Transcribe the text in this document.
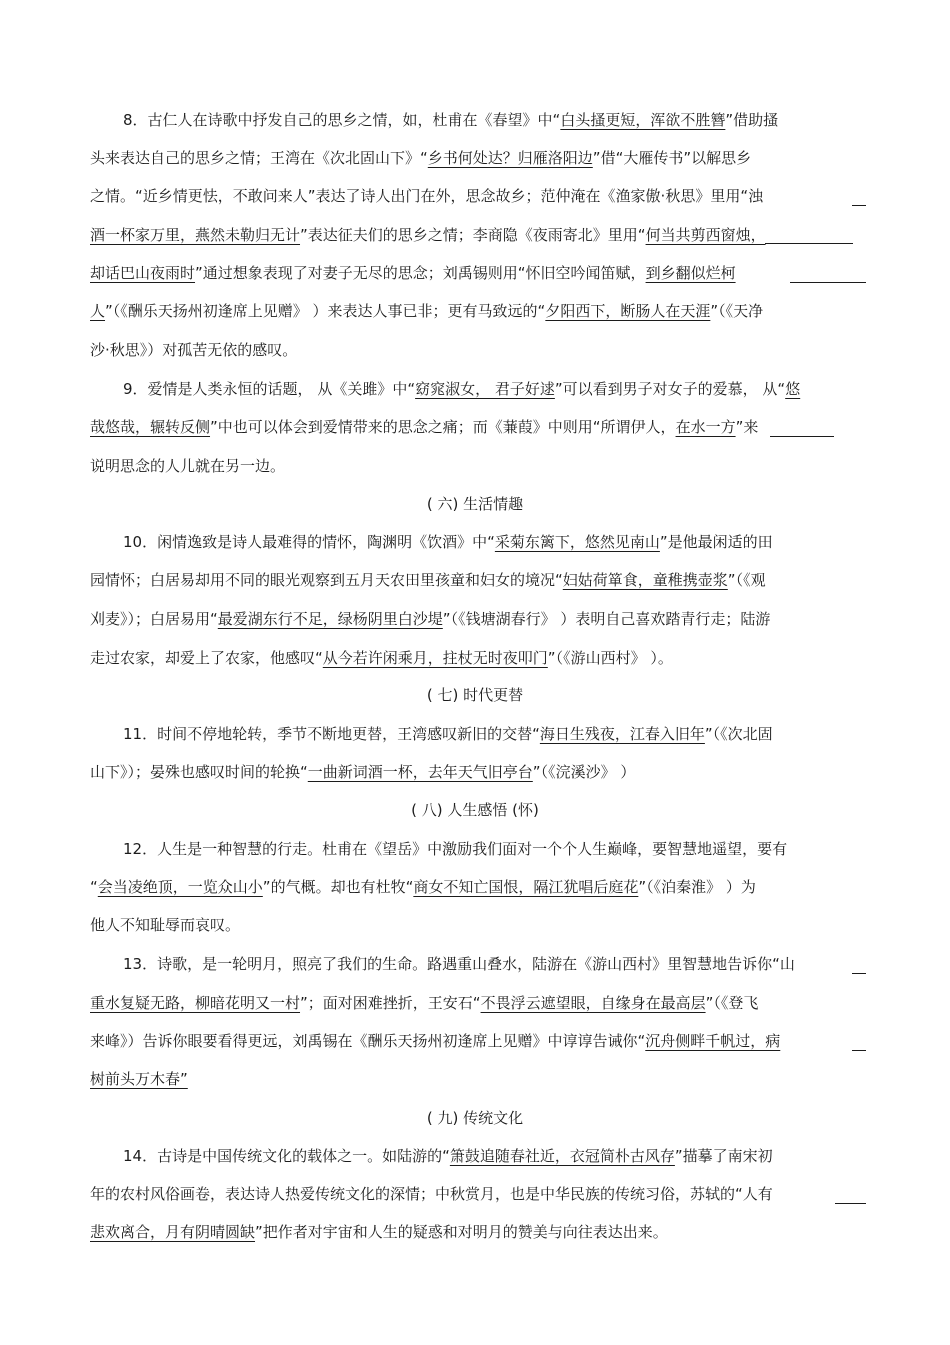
8．古仁人在诗歌中抒发自己的思乡之情，如，杜甫在《春望》中“白头搔更短，浑欲不胜簪”借助搔
头来表达自己的思乡之情；王湾在《次北固山下》“乡书何处达？归雁洛阳边”借“大雁传书”以解思乡
之情。“近乡情更怯，不敢问来人”表达了诗人出门在外，思念故乡；范仲淹在《渔家傲·秋思》里用“浊
酒一杯家万里，燕然未勒归无计”表达征夫们的思乡之情；李商隐《夜雨寄北》里用“何当共剪西窗烛，
却话巴山夜雨时”通过想象表现了对妻子无尽的思念；刘禹锡则用“怀旧空吟闻笛赋，到乡翻似烂柯
人”（《酬乐天扬州初逢席上见赠》 ）来表达人事已非；更有马致远的“夕阳西下，断肠人在天涯”（《天净
沙·秋思》）对孤苦无依的感叹。
9．爱情是人类永恒的话题， 从《关雎》中“窈窕淑女， 君子好逑”可以看到男子对女子的爱慕， 从“悠
哉悠哉，辗转反侧”中也可以体会到爱情带来的思念之痛；而《蒹葭》中则用“所谓伊人，在水一方”来
说明思念的人儿就在另一边。
( 六) 生活情趣
10．闲情逸致是诗人最难得的情怀，陶渊明《饮酒》中“采菊东篱下，悠然见南山”是他最闲适的田
园情怀；白居易却用不同的眼光观察到五月天农田里孩童和妇女的境况“妇姑荷箪食，童稚携壶浆”（《观
刈麦》）；白居易用“最爱湖东行不足，绿杨阴里白沙堤”（《钱塘湖春行》 ）表明自己喜欢踏青行走；陆游
走过农家，却爱上了农家，他感叹“从今若许闲乘月，拄杖无时夜叩门”（《游山西村》 ）。
( 七) 时代更替
11．时间不停地轮转，季节不断地更替，王湾感叹新旧的交替“海日生残夜，江春入旧年”（《次北固
山下》）；晏殊也感叹时间的轮换“一曲新词酒一杯，去年天气旧亭台”（《浣溪沙》 ）
( 八) 人生感悟 (怀)
12．人生是一种智慧的行走。杜甫在《望岳》中激励我们面对一个个人生巅峰，要智慧地遥望，要有
“会当凌绝顶，一览众山小”的气概。却也有杜牧“商女不知亡国恨，隔江犹唱后庭花”（《泊秦淮》 ）为
他人不知耻辱而哀叹。
13．诗歌，是一轮明月，照亮了我们的生命。路遇重山叠水，陆游在《游山西村》里智慧地告诉你“山
重水复疑无路，柳暗花明又一村”；面对困难挫折，王安石“不畏浮云遮望眼，自缘身在最高层”（《登飞
来峰》）告诉你眼要看得更远，刘禹锡在《酬乐天扬州初逢席上见赠》中谆谆告诫你“沉舟侧畔千帆过，病
树前头万木春”
( 九) 传统文化
14．古诗是中国传统文化的载体之一。如陆游的“箫鼓追随春社近，衣冠简朴古风存”描摹了南宋初
年的农村风俗画卷，表达诗人热爱传统文化的深情；中秋赏月，也是中华民族的传统习俗，苏轼的“人有
悲欢离合，月有阴晴圆缺”把作者对宇宙和人生的疑惑和对明月的赞美与向往表达出来。
